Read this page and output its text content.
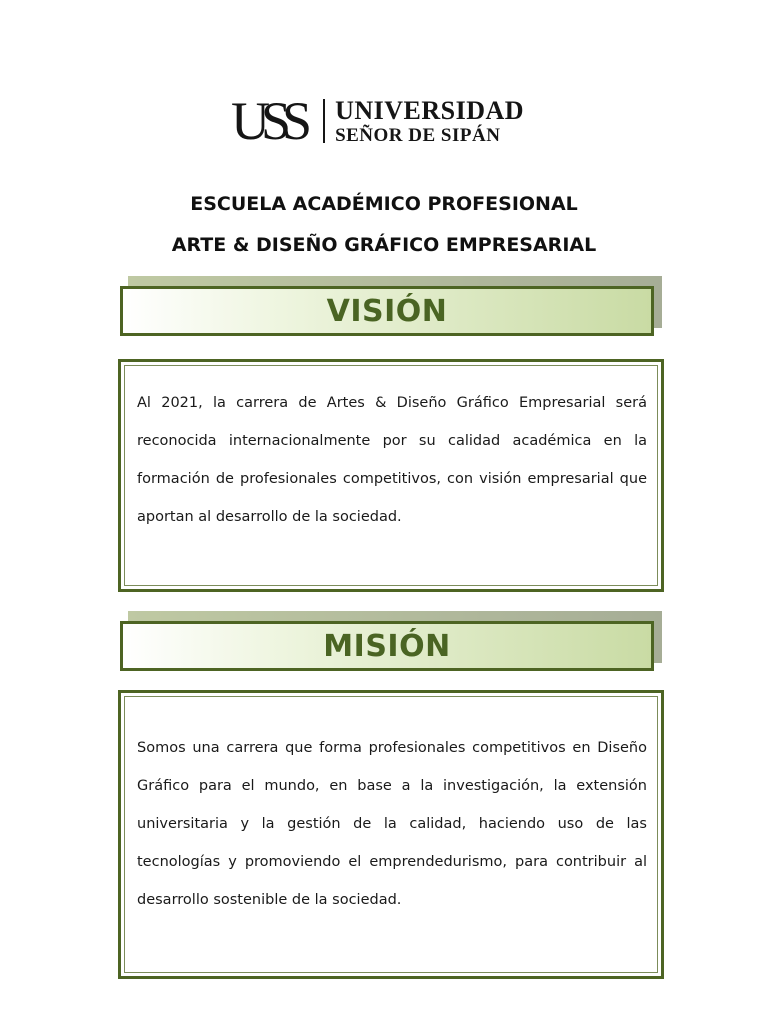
USS UNIVERSIDAD
SEÑOR DE SIPÁN
ESCUELA ACADÉMICO PROFESIONAL
ARTE & DISEÑO GRÁFICO EMPRESARIAL
VISIÓN
Al 2021, la carrera de Artes & Diseño Gráfico Empresarial será reconocida internacionalmente por su calidad académica en la formación de profesionales competitivos, con visión empresarial que aportan al desarrollo de la sociedad.
MISIÓN
Somos una carrera que forma profesionales competitivos en Diseño Gráfico para el mundo, en base a la investigación, la extensión universitaria y la gestión de la calidad, haciendo uso de las tecnologías y promoviendo el emprendedurismo, para contribuir al desarrollo sostenible de la sociedad.
